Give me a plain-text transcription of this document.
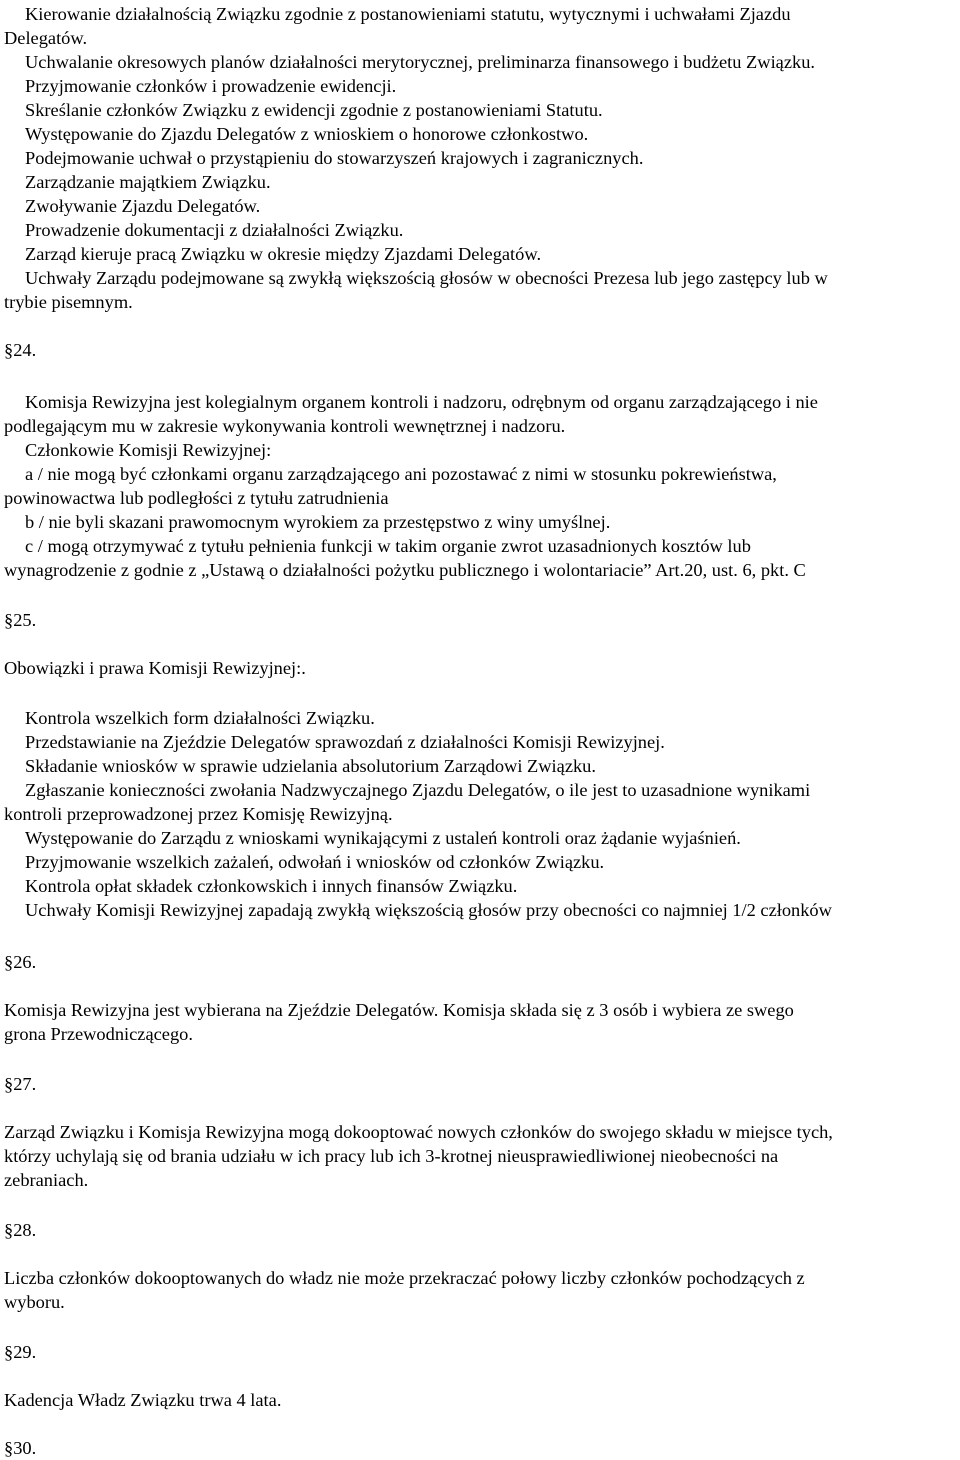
Kierowanie działalnością Związku zgodnie z postanowieniami statutu, wytycznymi i uchwałami Zjazdu
Delegatów.
Uchwalanie okresowych planów działalności merytorycznej, preliminarza finansowego i budżetu Związku.
Przyjmowanie członków i prowadzenie ewidencji.
Skreślanie członków Związku z ewidencji zgodnie z postanowieniami Statutu.
Występowanie do Zjazdu Delegatów z wnioskiem o honorowe członkostwo.
Podejmowanie uchwał o przystąpieniu do stowarzyszeń krajowych i zagranicznych.
Zarządzanie majątkiem Związku.
Zwoływanie Zjazdu Delegatów.
Prowadzenie dokumentacji z działalności Związku.
Zarząd kieruje pracą Związku w okresie między Zjazdami Delegatów.
Uchwały Zarządu podejmowane są zwykłą większością głosów w obecności Prezesa lub jego zastępcy lub w
trybie pisemnym.
§24.
Komisja Rewizyjna jest kolegialnym organem kontroli i nadzoru, odrębnym od organu zarządzającego i nie
podlegającym mu w zakresie wykonywania kontroli wewnętrznej i nadzoru.
Członkowie Komisji Rewizyjnej:
a / nie mogą być członkami organu zarządzającego ani pozostawać z nimi w stosunku pokrewieństwa,
powinowactwa lub podległości z tytułu zatrudnienia
b / nie byli skazani prawomocnym wyrokiem za przestępstwo z winy umyślnej.
c / mogą otrzymywać z tytułu pełnienia funkcji w takim organie zwrot uzasadnionych kosztów lub
wynagrodzenie z godnie z „Ustawą o działalności pożytku publicznego i wolontariacie” Art.20, ust. 6, pkt. C
§25.
Obowiązki i prawa Komisji Rewizyjnej:.
Kontrola wszelkich form działalności Związku.
Przedstawianie na Zjeździe Delegatów sprawozdań z działalności Komisji Rewizyjnej.
Składanie wniosków w sprawie udzielania absolutorium Zarządowi Związku.
Zgłaszanie konieczności zwołania Nadzwyczajnego Zjazdu Delegatów, o ile jest to uzasadnione wynikami
kontroli przeprowadzonej przez Komisję Rewizyjną.
Występowanie do Zarządu z wnioskami wynikającymi z ustaleń kontroli oraz żądanie wyjaśnień.
Przyjmowanie wszelkich zażaleń, odwołań i wniosków od członków Związku.
Kontrola opłat składek członkowskich i innych finansów Związku.
Uchwały Komisji Rewizyjnej zapadają zwykłą większością głosów przy obecności co najmniej 1/2 członków
§26.
Komisja Rewizyjna jest wybierana na Zjeździe Delegatów. Komisja składa się z 3 osób i wybiera ze swego
grona Przewodniczącego.
§27.
Zarząd Związku i Komisja Rewizyjna mogą dokooptować nowych członków do swojego składu w miejsce tych,
którzy uchylają się od brania udziału w ich pracy lub ich 3-krotnej nieusprawiedliwionej nieobecności na
zebraniach.
§28.
Liczba członków dokooptowanych do władz nie może przekraczać połowy liczby członków pochodzących z
wyboru.
§29.
Kadencja Władz Związku trwa 4 lata.
§30.
